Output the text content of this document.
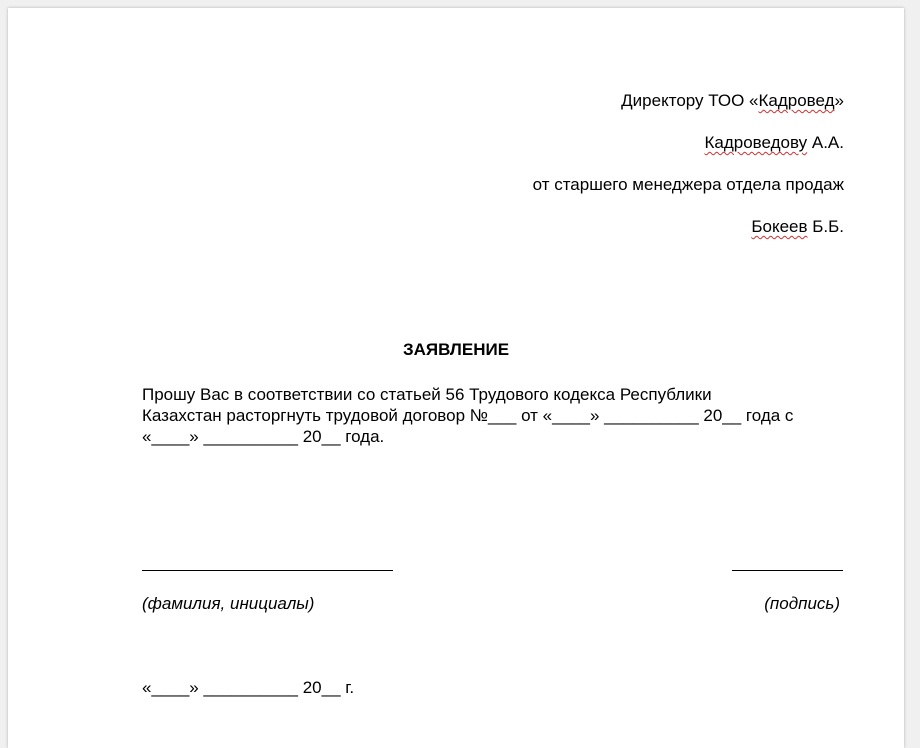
Директору ТОО «Кадровед»
Кадроведову А.А.
от старшего менеджера отдела продаж
Бокеев Б.Б.
ЗАЯВЛЕНИЕ
Прошу Вас в соответствии со статьей 56 Трудового кодекса Республики
Казахстан расторгнуть трудовой договор №___ от «____» __________ 20__ года с
«____» __________ 20__ года.
(фамилия, инициалы)	(подпись)
«____» __________ 20__ г.
